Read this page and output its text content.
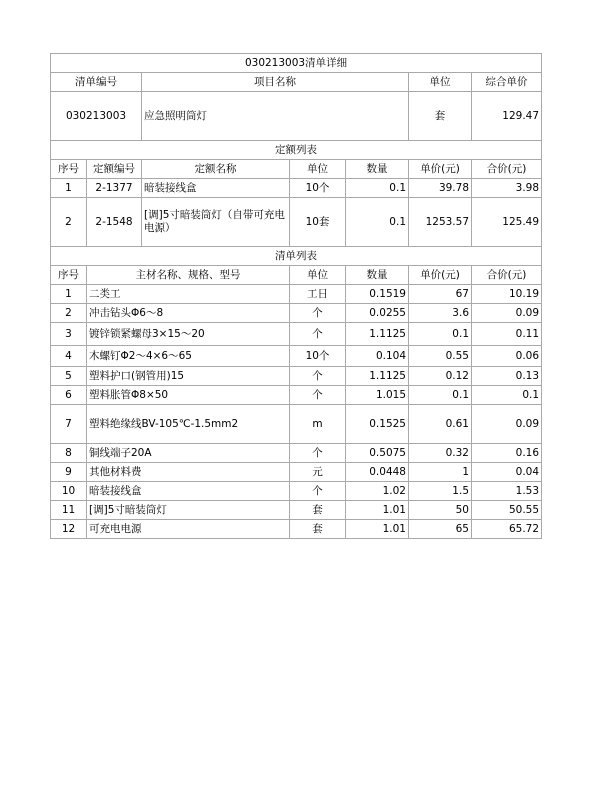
030213003清单详细						
清单编号		项目名称			单位	综合单价
030213003		应急照明筒灯			套	129.47
定额列表						
序号	定额编号	定额名称	单位	数量	单价(元)	合价(元)
1	2-1377	暗装接线盒	10个	0.1	39.78	3.98
2	2-1548	[调]5寸暗装筒灯（自带可充电电源）	10套	0.1	1253.57	125.49
清单列表						
序号	主材名称、规格、型号		单位	数量	单价(元)	合价(元)
1	二类工		工日	0.1519	67	10.19
2	冲击钻头Φ6～8		个	0.0255	3.6	0.09
3	镀锌锁紧螺母3×15～20		个	1.1125	0.1	0.11
4	木螺钉Φ2～4×6～65		10个	0.104	0.55	0.06
5	塑料护口(钢管用)15		个	1.1125	0.12	0.13
6	塑料胀管Φ8×50		个	1.015	0.1	0.1
7	塑料绝缘线BV-105℃-1.5mm2		m	0.1525	0.61	0.09
8	铜线端子20A		个	0.5075	0.32	0.16
9	其他材料费		元	0.0448	1	0.04
10	暗装接线盒		个	1.02	1.5	1.53
11	[调]5寸暗装筒灯		套	1.01	50	50.55
12	可充电电源		套	1.01	65	65.72
